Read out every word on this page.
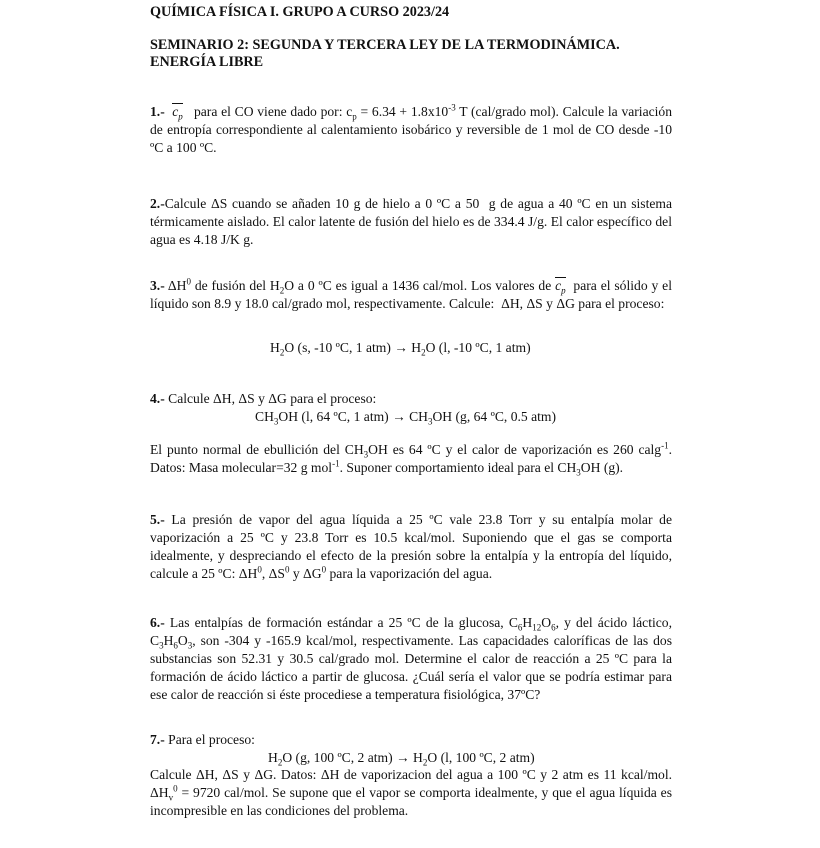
QUÍMICA FÍSICA I. GRUPO A CURSO 2023/24
SEMINARIO 2: SEGUNDA Y TERCERA LEY DE LA TERMODINÁMICA.
ENERGÍA LIBRE
1.- $c_p$   para el CO viene dado por: $c_p = 6.34 + 1.8x10^{-3}$ T (cal/grado mol). Calcule la variación de entropía correspondiente al calentamiento isobárico y reversible de 1 mol de CO desde -10 ºC a 100 ºC.
2.-Calcule ΔS cuando se añaden 10 g de hielo a 0 ºC a 50  g de agua a 40 ºC en un sistema térmicamente aislado. El calor latente de fusión del hielo es de 334.4 J/g. El calor específico del agua es 4.18 J/K g.
3.- $\Delta H^0$ de fusión del $H_2O$ a 0 ºC es igual a 1436 cal/mol. Los valores de $c_p$  para el sólido y el líquido son 8.9 y 18.0 cal/grado mol, respectivamente. Calcule:  ΔH, ΔS y ΔG para el proceso:
$H_2O$ (s, -10 ºC, 1 $atm) \to H_2O$ (l, -10 ºC, 1 atm)
4.- Calcule ΔH, ΔS y ΔG para el proceso:
$CH_3OH$ (l, 64 ºC, 1 $atm) \to CH_3OH$ (g, 64 ºC, 0.5 atm)
El punto normal de ebullición del $CH_3OH$ es 64 ºC y el calor de vaporización es 260 calg$^{-1}$. Datos: Masa molecular=32 g mol$^{-1}$. Suponer comportamiento ideal para el $CH_3OH$ (g).
5.- La presión de vapor del agua líquida a 25 ºC vale 23.8 Torr y su entalpía molar de vaporización a 25 ºC y 23.8 Torr es 10.5 kcal/mol. Suponiendo que el gas se comporta idealmente, y despreciando el efecto de la presión sobre la entalpía y la entropía del líquido, calcule a 25 ºC: $\Delta H^0$, $\Delta S^0$ y $\Delta G^0$ para la vaporización del agua.
6.- Las entalpías de formación estándar a 25 ºC de la glucosa, $C_6H_{12}O_6$, y del ácido láctico, $C_3H_6O_3$, son -304 y -165.9 kcal/mol, respectivamente. Las capacidades caloríficas de las dos substancias son 52.31 y 30.5 cal/grado mol. Determine el calor de reacción a 25 ºC para la formación de ácido láctico a partir de glucosa. ¿Cuál sería el valor que se podría estimar para ese calor de reacción si éste procediese a temperatura fisiológica, 37ºC?
7.- Para el proceso:
$H_2O$ (g, 100 ºC, 2 $atm) \to H_2O$ (l, 100 ºC, 2 atm)
Calcule ΔH, ΔS y ΔG. Datos: ΔH de vaporizacion del agua a 100 ºC y 2 atm es 11 kcal/mol. $\Delta H_v^0 = 9720$ cal/mol. Se supone que el vapor se comporta idealmente, y que el agua líquida es incompresible en las condiciones del problema.
